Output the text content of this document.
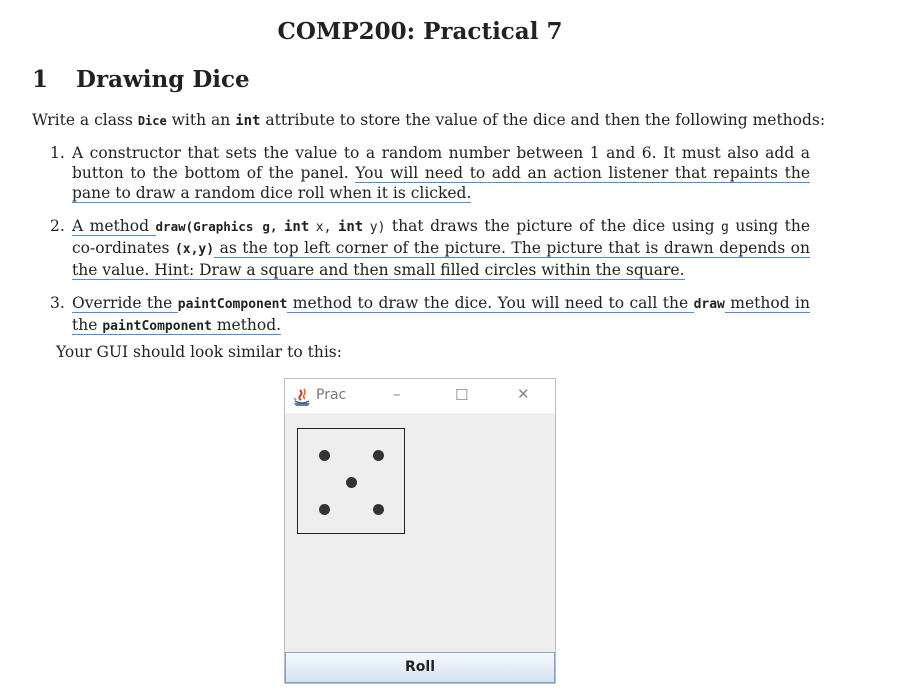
COMP200: Practical 7
1 Drawing Dice
Write a class Dice with an int attribute to store the value of the dice and then the following methods:
1. A constructor that sets the value to a random number between 1 and 6. It must also add a button to the bottom of the panel. You will need to add an action listener that repaints the pane to draw a random dice roll when it is clicked.
2. A method draw(Graphics g, int x, int y) that draws the picture of the dice using g using the co-ordinates (x,y) as the top left corner of the picture. The picture that is drawn depends on the value. Hint: Draw a square and then small filled circles within the square.
3. Override the paintComponent method to draw the dice. You will need to call the draw method in the paintComponent method.
Your GUI should look similar to this:
Prac	–	☐	✕
Roll
